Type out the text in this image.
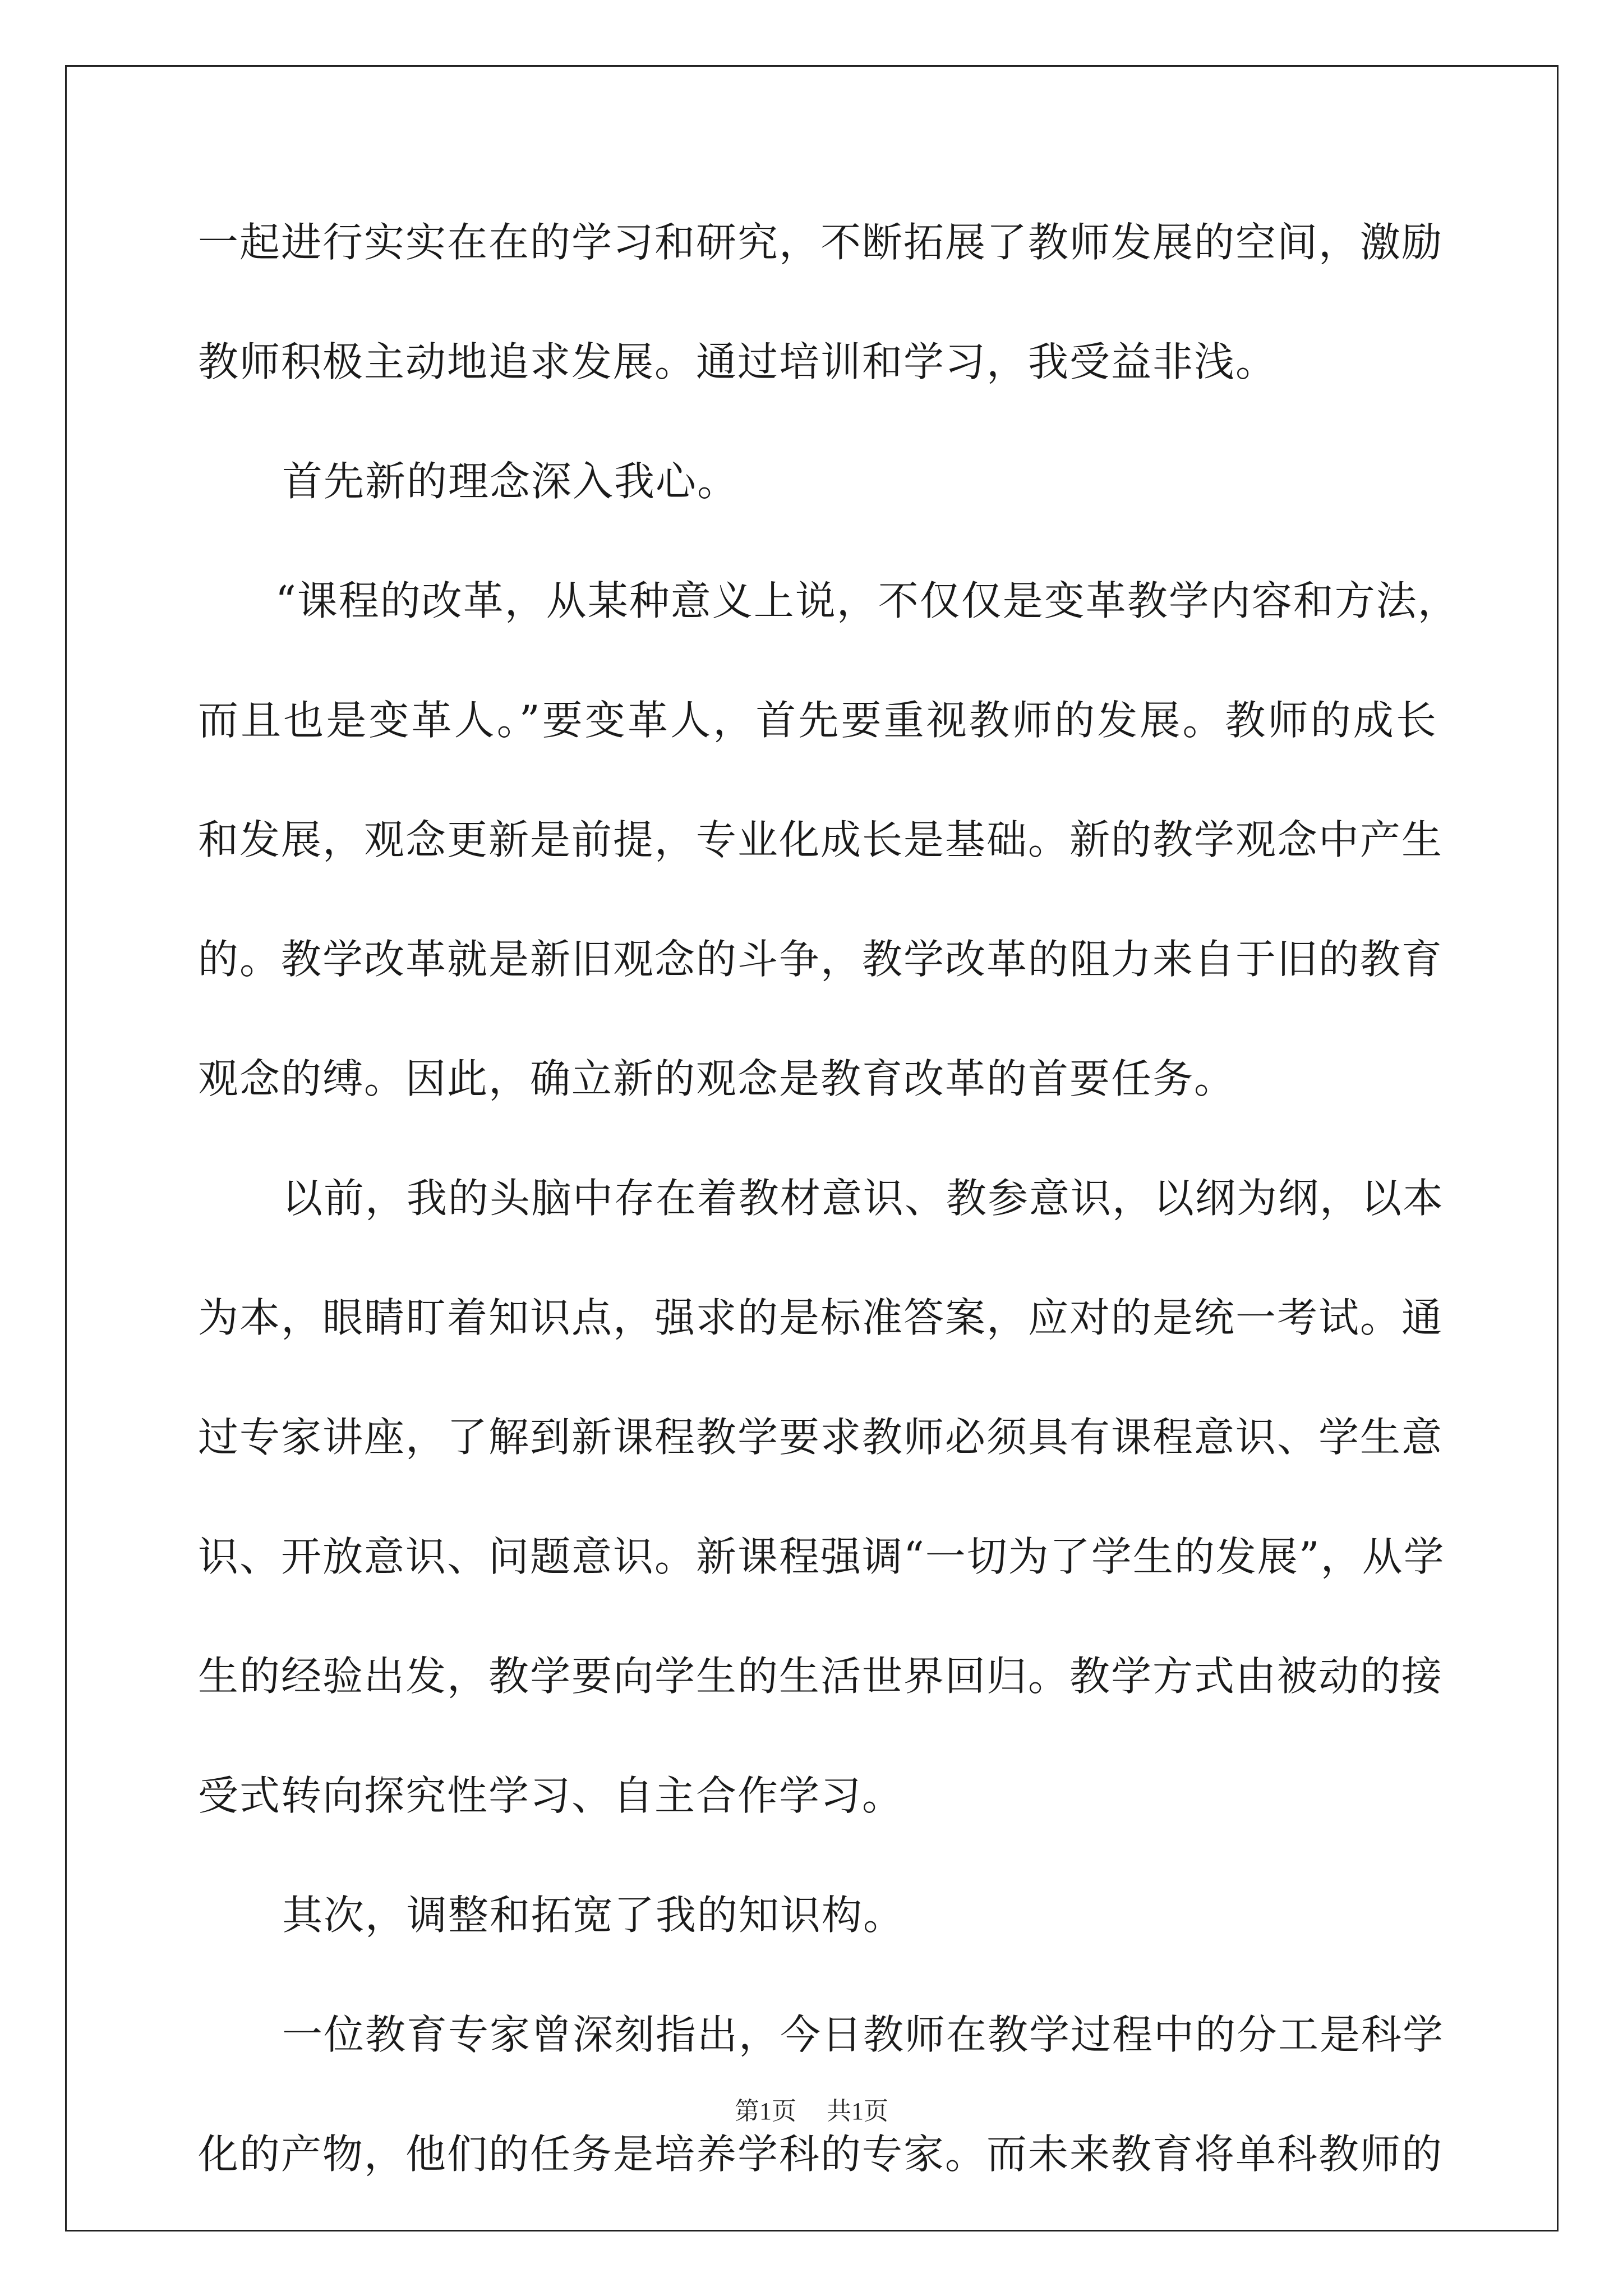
一起进行实实在在的学习和研究，不断拓展了教师发展的空间，激励
教师积极主动地追求发展。通过培训和学习，我受益非浅。
首先新的理念深入我心。
“课程的改革，从某种意义上说，不仅仅是变革教学内容和方法，
而且也是变革人。”要变革人，首先要重视教师的发展。教师的成长
和发展，观念更新是前提，专业化成长是基础。新的教学观念中产生
的。教学改革就是新旧观念的斗争，教学改革的阻力来自于旧的教育
观念的缚。因此，确立新的观念是教育改革的首要任务。
以前，我的头脑中存在着教材意识、教参意识，以纲为纲，以本
为本，眼睛盯着知识点，强求的是标准答案，应对的是统一考试。通
过专家讲座，了解到新课程教学要求教师必须具有课程意识、学生意
识、开放意识、问题意识。新课程强调“一切为了学生的发展”，从学
生的经验出发，教学要向学生的生活世界回归。教学方式由被动的接
受式转向探究性学习、自主合作学习。
其次，调整和拓宽了我的知识构。
一位教育专家曾深刻指出，今日教师在教学过程中的分工是科学
化的产物，他们的任务是培养学科的专家。而未来教育将单科教师的
第1页 共1页
